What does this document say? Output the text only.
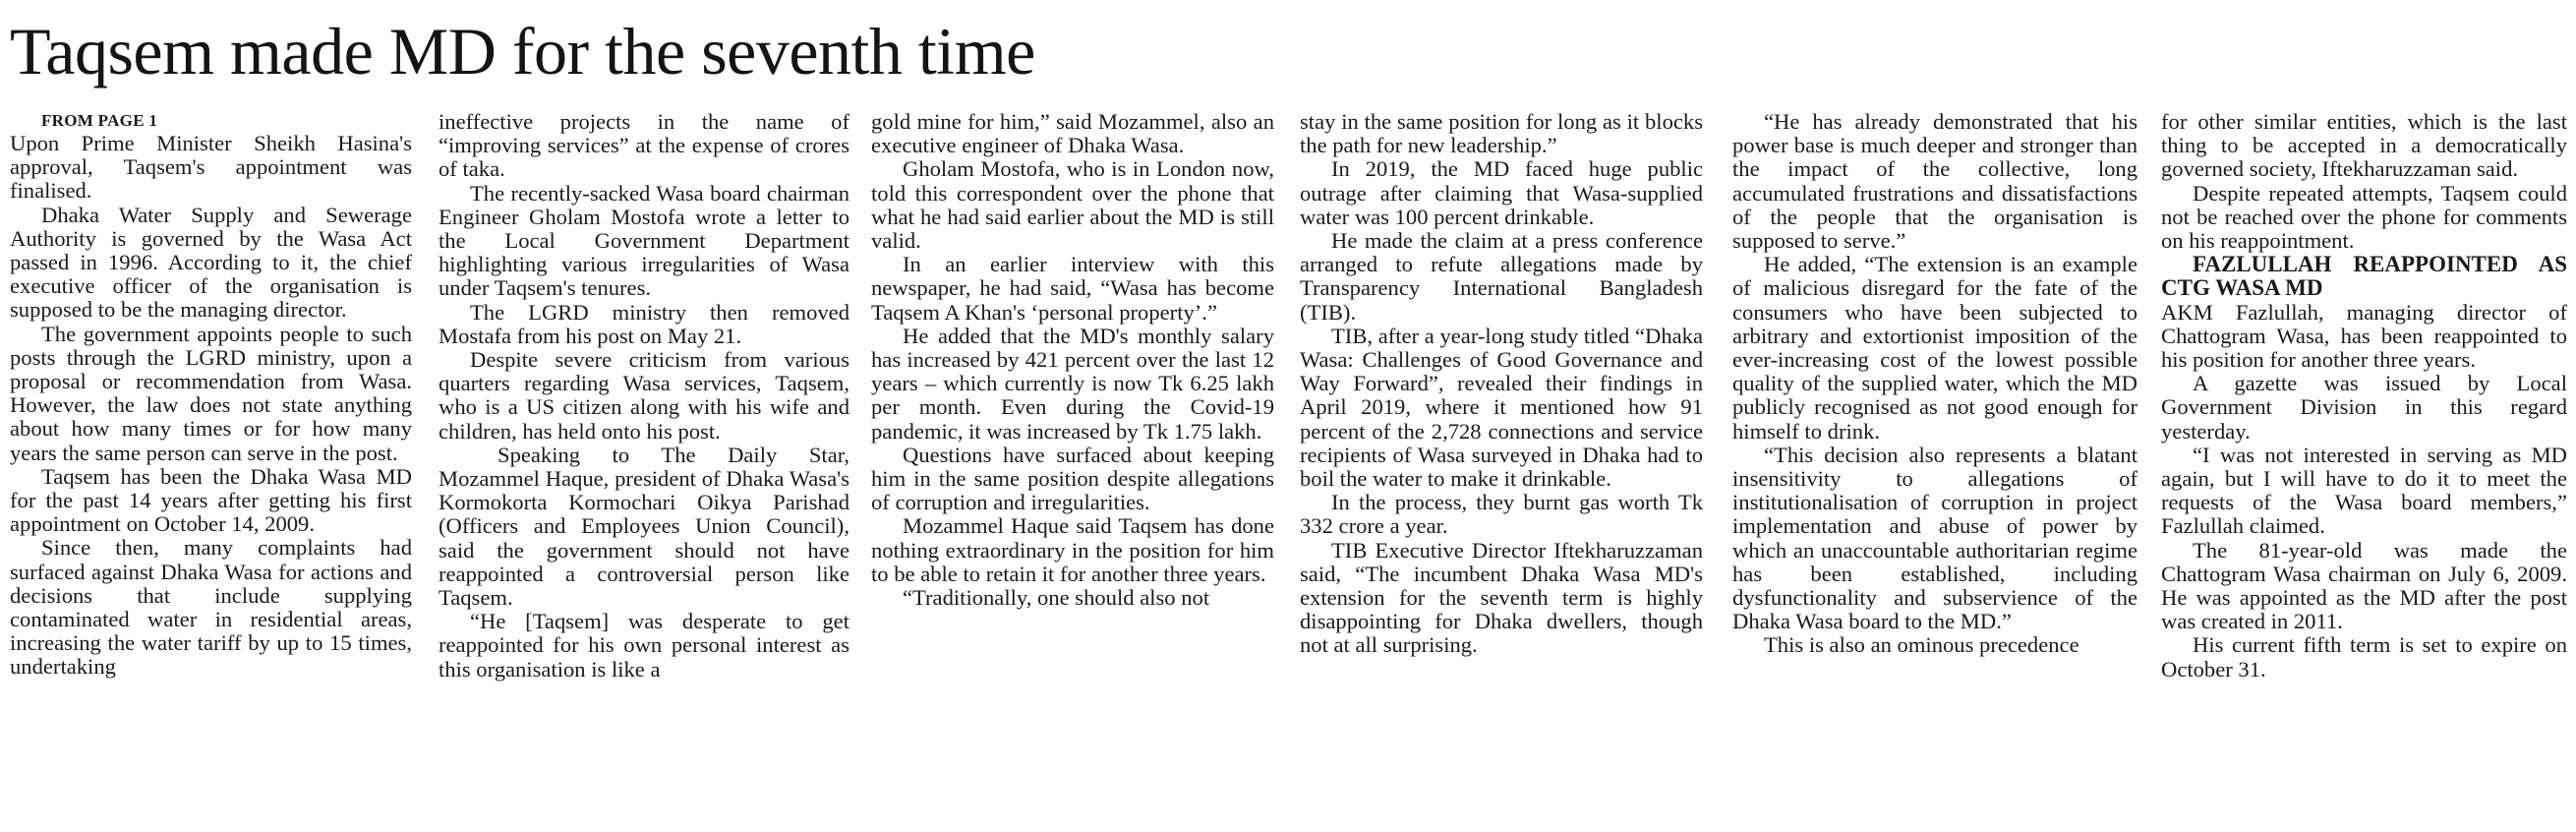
Taqsem made MD for the seventh time

FROM PAGE 1

Upon Prime Minister Sheikh Hasina's approval, Taqsem's appointment was finalised.

Dhaka Water Supply and Sewerage Authority is governed by the Wasa Act passed in 1996. According to it, the chief executive officer of the organisation is supposed to be the managing director.

The government appoints people to such posts through the LGRD ministry, upon a proposal or recommendation from Wasa. However, the law does not state anything about how many times or for how many years the same person can serve in the post.

Taqsem has been the Dhaka Wasa MD for the past 14 years after getting his first appointment on October 14, 2009.

Since then, many complaints had surfaced against Dhaka Wasa for actions and decisions that include supplying contaminated water in residential areas, increasing the water tariff by up to 15 times, undertaking

ineffective projects in the name of “improving services” at the expense of crores of taka.

The recently-sacked Wasa board chairman Engineer Gholam Mostofa wrote a letter to the Local Government Department highlighting various irregularities of Wasa under Taqsem's tenures.

The LGRD ministry then removed Mostafa from his post on May 21.

Despite severe criticism from various quarters regarding Wasa services, Taqsem, who is a US citizen along with his wife and children, has held onto his post.

Speaking to The Daily Star, Mozammel Haque, president of Dhaka Wasa's Kormokorta Kormochari Oikya Parishad (Officers and Employees Union Council), said the government should not have reappointed a controversial person like Taqsem.

“He [Taqsem] was desperate to get reappointed for his own personal interest as this organisation is like a

gold mine for him,” said Mozammel, also an executive engineer of Dhaka Wasa.

Gholam Mostofa, who is in London now, told this correspondent over the phone that what he had said earlier about the MD is still valid.

In an earlier interview with this newspaper, he had said, “Wasa has become Taqsem A Khan's ‘personal property’.”

He added that the MD's monthly salary has increased by 421 percent over the last 12 years – which currently is now Tk 6.25 lakh per month. Even during the Covid-19 pandemic, it was increased by Tk 1.75 lakh.

Questions have surfaced about keeping him in the same position despite allegations of corruption and irregularities.

Mozammel Haque said Taqsem has done nothing extraordinary in the position for him to be able to retain it for another three years.

“Traditionally, one should also not

stay in the same position for long as it blocks the path for new leadership.”

In 2019, the MD faced huge public outrage after claiming that Wasa-supplied water was 100 percent drinkable.

He made the claim at a press conference arranged to refute allegations made by Transparency International Bangladesh (TIB).

TIB, after a year-long study titled “Dhaka Wasa: Challenges of Good Governance and Way Forward”, revealed their findings in April 2019, where it mentioned how 91 percent of the 2,728 connections and service recipients of Wasa surveyed in Dhaka had to boil the water to make it drinkable.

In the process, they burnt gas worth Tk 332 crore a year.

TIB Executive Director Iftekharuzzaman said, “The incumbent Dhaka Wasa MD's extension for the seventh term is highly disappointing for Dhaka dwellers, though not at all surprising.

“He has already demonstrated that his power base is much deeper and stronger than the impact of the collective, long accumulated frustrations and dissatisfactions of the people that the organisation is supposed to serve.”

He added, “The extension is an example of malicious disregard for the fate of the consumers who have been subjected to arbitrary and extortionist imposition of the ever-increasing cost of the lowest possible quality of the supplied water, which the MD publicly recognised as not good enough for himself to drink.

“This decision also represents a blatant insensitivity to allegations of institutionalisation of corruption in project implementation and abuse of power by which an unaccountable authoritarian regime has been established, including dysfunctionality and subservience of the Dhaka Wasa board to the MD.”

This is also an ominous precedence

for other similar entities, which is the last thing to be accepted in a democratically governed society, Iftekharuzzaman said.

Despite repeated attempts, Taqsem could not be reached over the phone for comments on his reappointment.

FAZLULLAH REAPPOINTED AS CTG WASA MD

AKM Fazlullah, managing director of Chattogram Wasa, has been reappointed to his position for another three years.

A gazette was issued by Local Government Division in this regard yesterday.

“I was not interested in serving as MD again, but I will have to do it to meet the requests of the Wasa board members,” Fazlullah claimed.

The 81-year-old was made the Chattogram Wasa chairman on July 6, 2009. He was appointed as the MD after the post was created in 2011.

His current fifth term is set to expire on October 31.
